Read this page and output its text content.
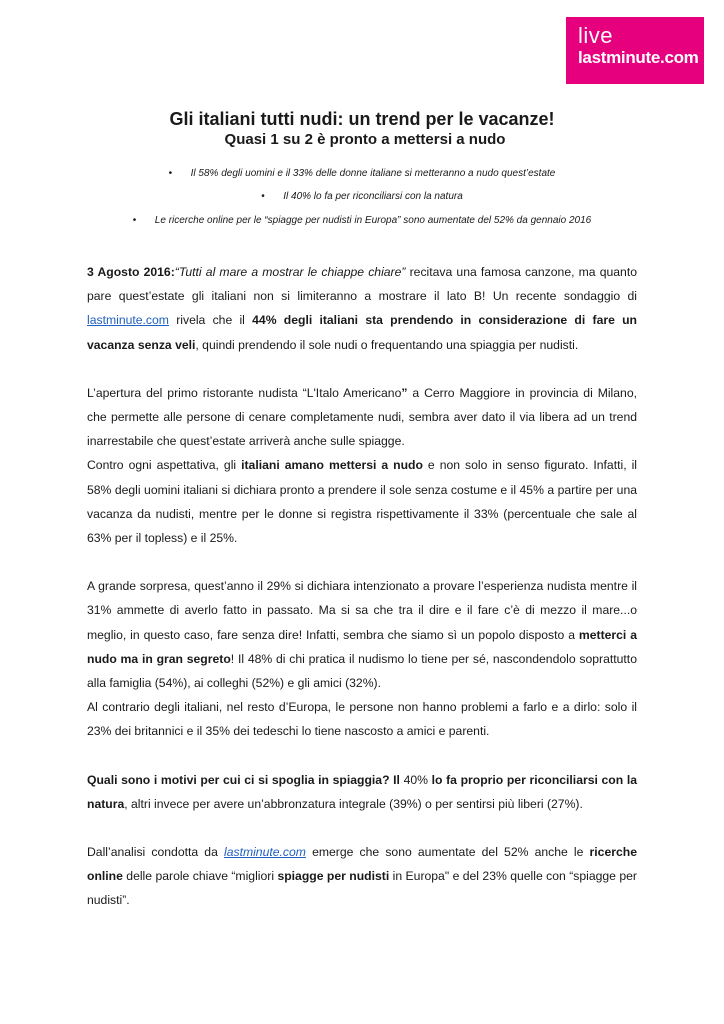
live
lastminute.com
Gli italiani tutti nudi: un trend per le vacanze!
Quasi 1 su 2 è pronto a mettersi a nudo
• Il 58% degli uomini e il 33% delle donne italiane si metteranno a nudo quest’estate
• Il 40% lo fa per riconciliarsi con la natura
• Le ricerche online per le “spiagge per nudisti in Europa” sono aumentate del 52% da gennaio 2016

3 Agosto 2016:“Tutti al mare a mostrar le chiappe chiare” recitava una famosa canzone, ma quanto pare quest’estate gli italiani non si limiteranno a mostrare il lato B! Un recente sondaggio di lastminute.com rivela che il 44% degli italiani sta prendendo in considerazione di fare un vacanza senza veli, quindi prendendo il sole nudi o frequentando una spiaggia per nudisti.

L’apertura del primo ristorante nudista “L'Italo Americano” a Cerro Maggiore in provincia di Milano, che permette alle persone di cenare completamente nudi, sembra aver dato il via libera ad un trend inarrestabile che quest’estate arriverà anche sulle spiagge.

Contro ogni aspettativa, gli italiani amano mettersi a nudo e non solo in senso figurato. Infatti, il 58% degli uomini italiani si dichiara pronto a prendere il sole senza costume e il 45% a partire per una vacanza da nudisti, mentre per le donne si registra rispettivamente il 33% (percentuale che sale al 63% per il topless) e il 25%.

A grande sorpresa, quest’anno il 29% si dichiara intenzionato a provare l’esperienza nudista mentre il 31% ammette di averlo fatto in passato. Ma si sa che tra il dire e il fare c’è di mezzo il mare...o meglio, in questo caso, fare senza dire! Infatti, sembra che siamo sì un popolo disposto a metterci a nudo ma in gran segreto! Il 48% di chi pratica il nudismo lo tiene per sé, nascondendolo soprattutto alla famiglia (54%), ai colleghi (52%) e gli amici (32%).

Al contrario degli italiani, nel resto d’Europa, le persone non hanno problemi a farlo e a dirlo: solo il 23% dei britannici e il 35% dei tedeschi lo tiene nascosto a amici e parenti.

Quali sono i motivi per cui ci si spoglia in spiaggia? Il 40% lo fa proprio per riconciliarsi con la natura, altri invece per avere un’abbronzatura integrale (39%) o per sentirsi più liberi (27%).

Dall’analisi condotta da lastminute.com emerge che sono aumentate del 52% anche le ricerche online delle parole chiave “migliori spiagge per nudisti in Europa" e del 23% quelle con “spiagge per nudisti”.
